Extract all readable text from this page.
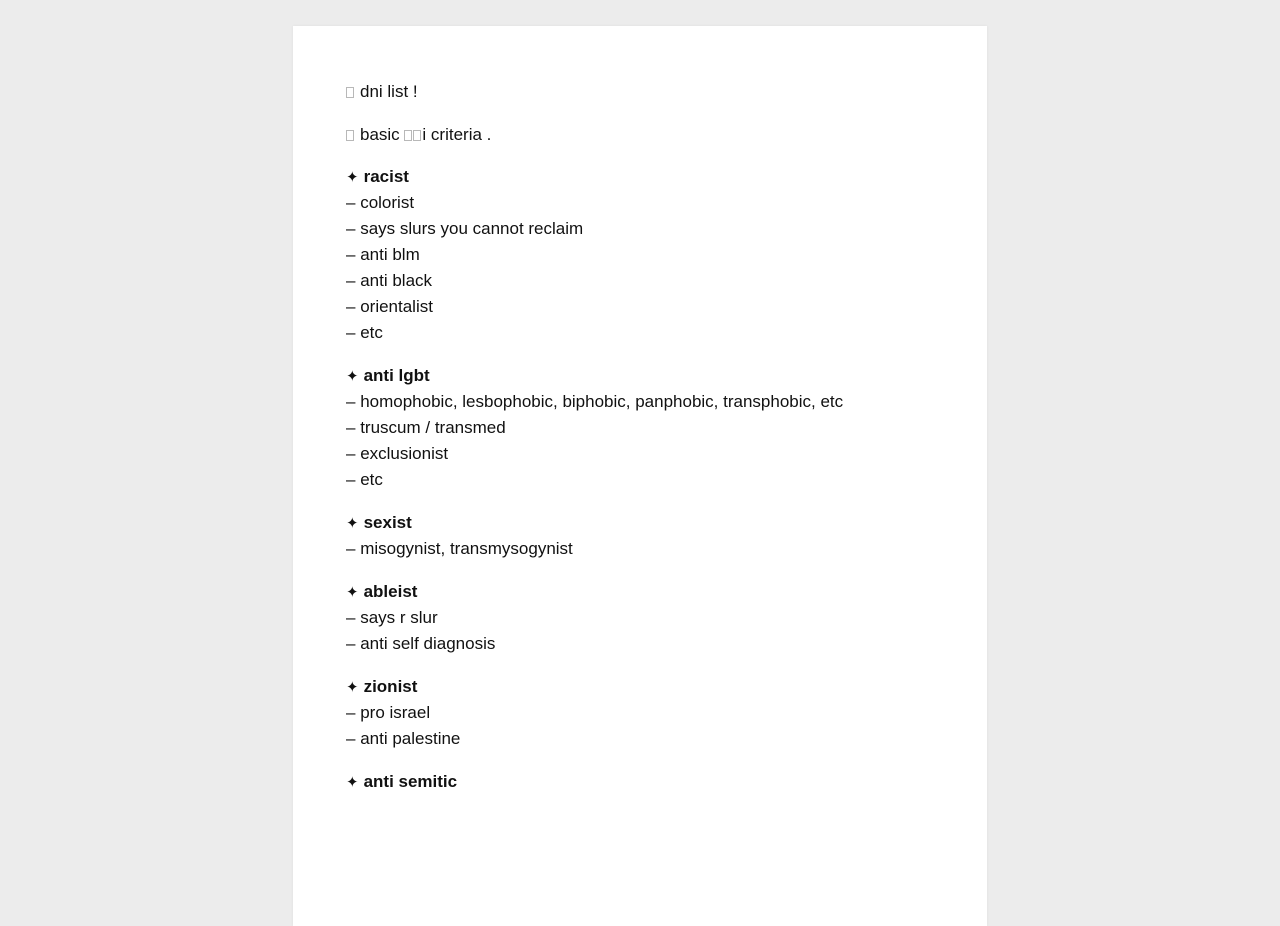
dni list !
basic i criteria .
✦ racist
– colorist
– says slurs you cannot reclaim
– anti blm
– anti black
– orientalist
– etc
✦ anti lgbt
– homophobic, lesbophobic, biphobic, panphobic, transphobic, etc
– truscum / transmed
– exclusionist
– etc
✦ sexist
– misogynist, transmysogynist
✦ ableist
– says r slur
– anti self diagnosis
✦ zionist
– pro israel
– anti palestine
✦ anti semitic
